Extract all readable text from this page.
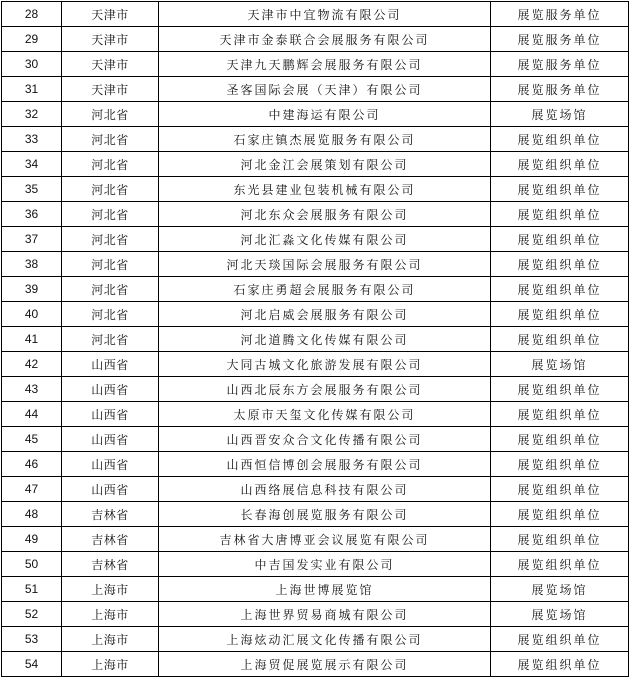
28	天津市	天津市中宜物流有限公司	展览服务单位
29	天津市	天津市金泰联合会展服务有限公司	展览服务单位
30	天津市	天津九天鹏辉会展服务有限公司	展览服务单位
31	天津市	圣客国际会展（天津）有限公司	展览服务单位
32	河北省	中建海运有限公司	展览场馆
33	河北省	石家庄镇杰展览服务有限公司	展览组织单位
34	河北省	河北金江会展策划有限公司	展览组织单位
35	河北省	东光县建业包装机械有限公司	展览组织单位
36	河北省	河北东众会展服务有限公司	展览组织单位
37	河北省	河北汇淼文化传媒有限公司	展览组织单位
38	河北省	河北天琰国际会展服务有限公司	展览组织单位
39	河北省	石家庄勇超会展服务有限公司	展览组织单位
40	河北省	河北启威会展服务有限公司	展览组织单位
41	河北省	河北道腾文化传媒有限公司	展览组织单位
42	山西省	大同古城文化旅游发展有限公司	展览场馆
43	山西省	山西北辰东方会展服务有限公司	展览组织单位
44	山西省	太原市天玺文化传媒有限公司	展览组织单位
45	山西省	山西晋安众合文化传播有限公司	展览组织单位
46	山西省	山西恒信博创会展服务有限公司	展览组织单位
47	山西省	山西络展信息科技有限公司	展览组织单位
48	吉林省	长春海创展览服务有限公司	展览组织单位
49	吉林省	吉林省大唐博亚会议展览有限公司	展览组织单位
50	吉林省	中吉国发实业有限公司	展览组织单位
51	上海市	上海世博展览馆	展览场馆
52	上海市	上海世界贸易商城有限公司	展览场馆
53	上海市	上海炫动汇展文化传播有限公司	展览组织单位
54	上海市	上海贸促展览展示有限公司	展览组织单位
